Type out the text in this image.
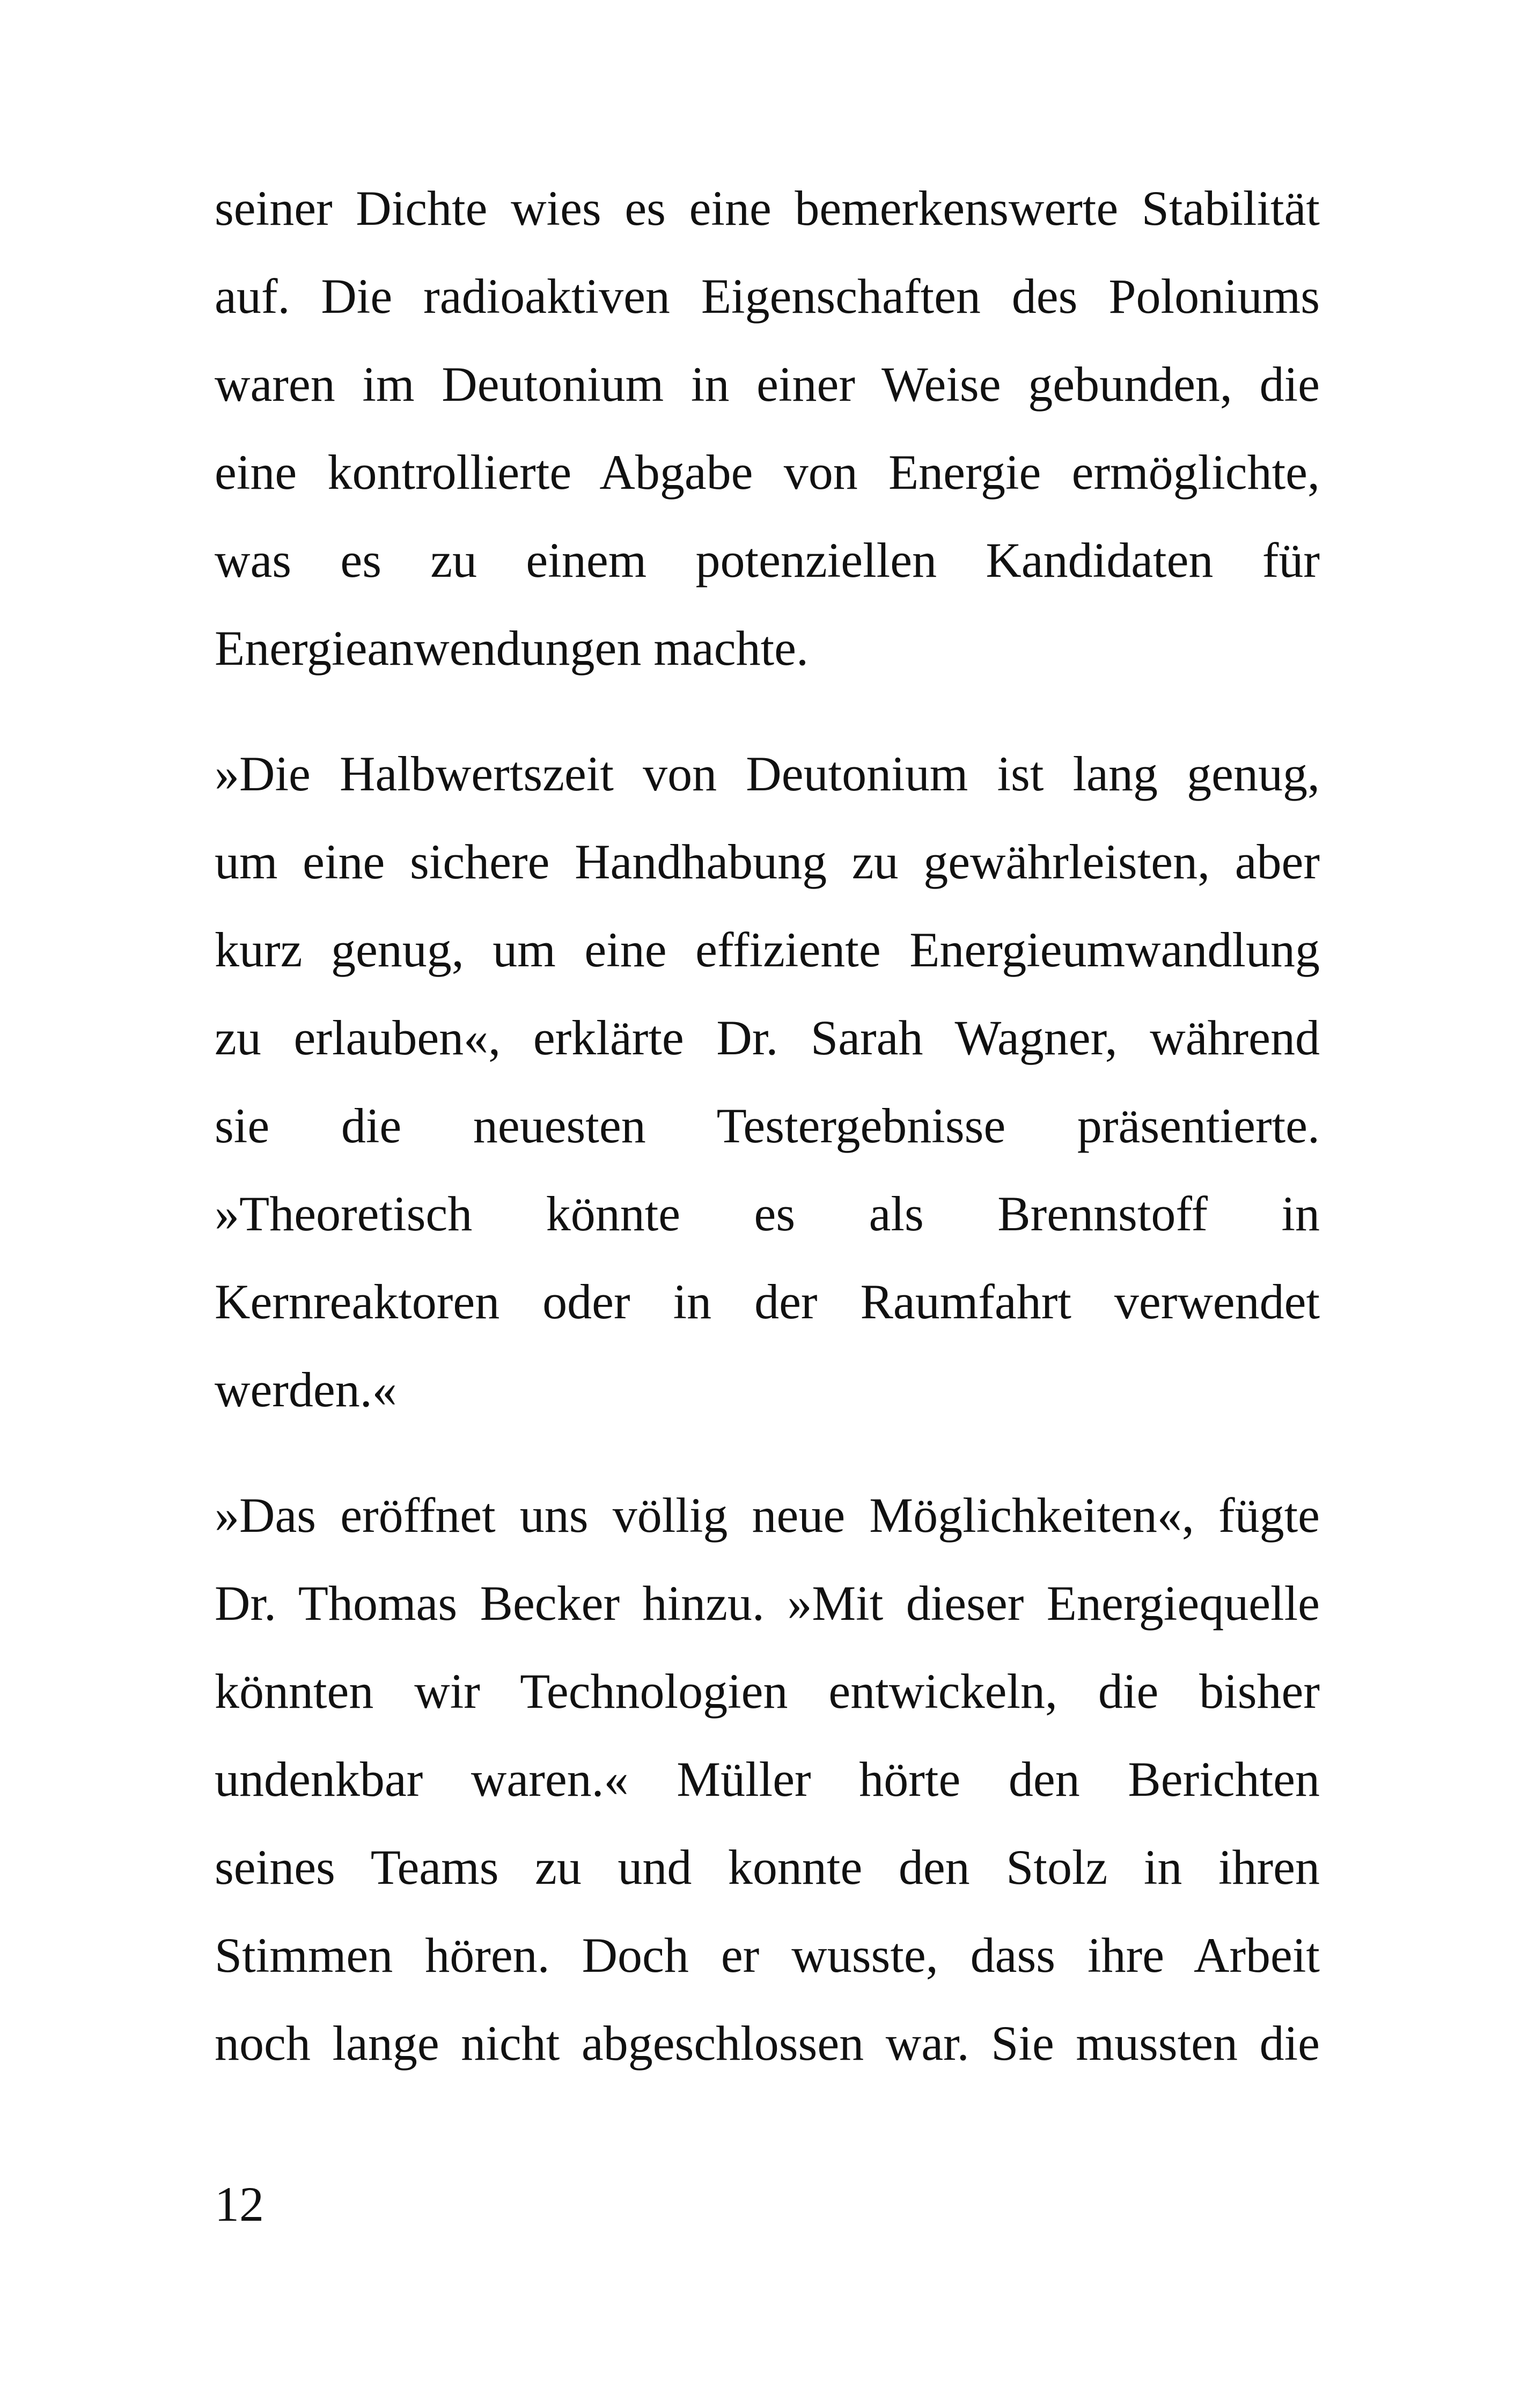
seiner Dichte wies es eine bemerkenswerte Stabilität
auf. Die radioaktiven Eigenschaften des Poloniums
waren im Deutonium in einer Weise gebunden, die
eine kontrollierte Abgabe von Energie ermöglichte,
was es zu einem potenziellen Kandidaten für
Energieanwendungen machte.

»Die Halbwertszeit von Deutonium ist lang genug,
um eine sichere Handhabung zu gewährleisten, aber
kurz genug, um eine effiziente Energieumwandlung
zu erlauben«, erklärte Dr. Sarah Wagner, während
sie die neuesten Testergebnisse präsentierte.
»Theoretisch könnte es als Brennstoff in
Kernreaktoren oder in der Raumfahrt verwendet
werden.«

»Das eröffnet uns völlig neue Möglichkeiten«, fügte
Dr. Thomas Becker hinzu. »Mit dieser Energiequelle
könnten wir Technologien entwickeln, die bisher
undenkbar waren.« Müller hörte den Berichten
seines Teams zu und konnte den Stolz in ihren
Stimmen hören. Doch er wusste, dass ihre Arbeit
noch lange nicht abgeschlossen war. Sie mussten die

12
